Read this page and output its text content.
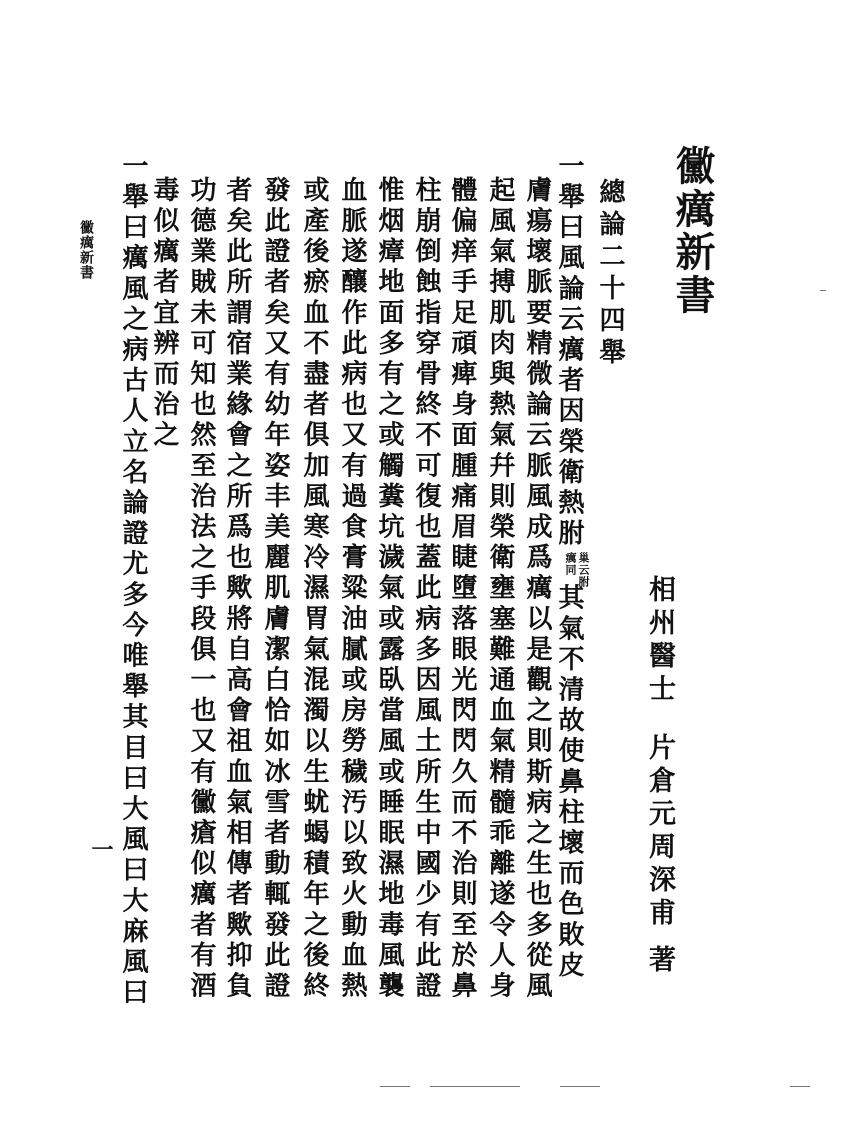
黴癘新書
相州醫士
片倉元周深甫
著
總論二十四舉
一舉曰風論云癘者因榮衛熱胕
巢云胕
癘同
其氣不清故使鼻柱壞而色敗皮
膚瘍壞脈要精微論云脈風成爲癘以是觀之則斯病之生也多從風
起風氣搏肌肉與熱氣幷則榮衛壅塞難通血氣精髓乖離遂令人身
體偏痒手足頑痺身面腫痛眉睫墮落眼光閃閃久而不治則至於鼻
柱崩倒蝕指穿骨終不可復也蓋此病多因風土所生中國少有此證
惟烟瘴地面多有之或觸糞坑濊氣或露臥當風或睡眠濕地毒風襲
血脈遂釀作此病也又有過食膏粱油膩或房勞穢汚以致火動血熱
或產後瘀血不盡者俱加風寒冷濕胃氣混濁以生蚘蝎積年之後終
發此證者矣又有幼年姿丰美麗肌膚潔白恰如冰雪者動輒發此證
者矣此所謂宿業緣會之所爲也歟將自高會祖血氣相傳者歟抑負
功德業賊未可知也然至治法之手段俱一也又有黴瘡似癘者有酒
毒似癘者宜辨而治之
一舉曰癘風之病古人立名論證尤多今唯舉其目曰大風曰大麻風曰
黴癘新書
一
